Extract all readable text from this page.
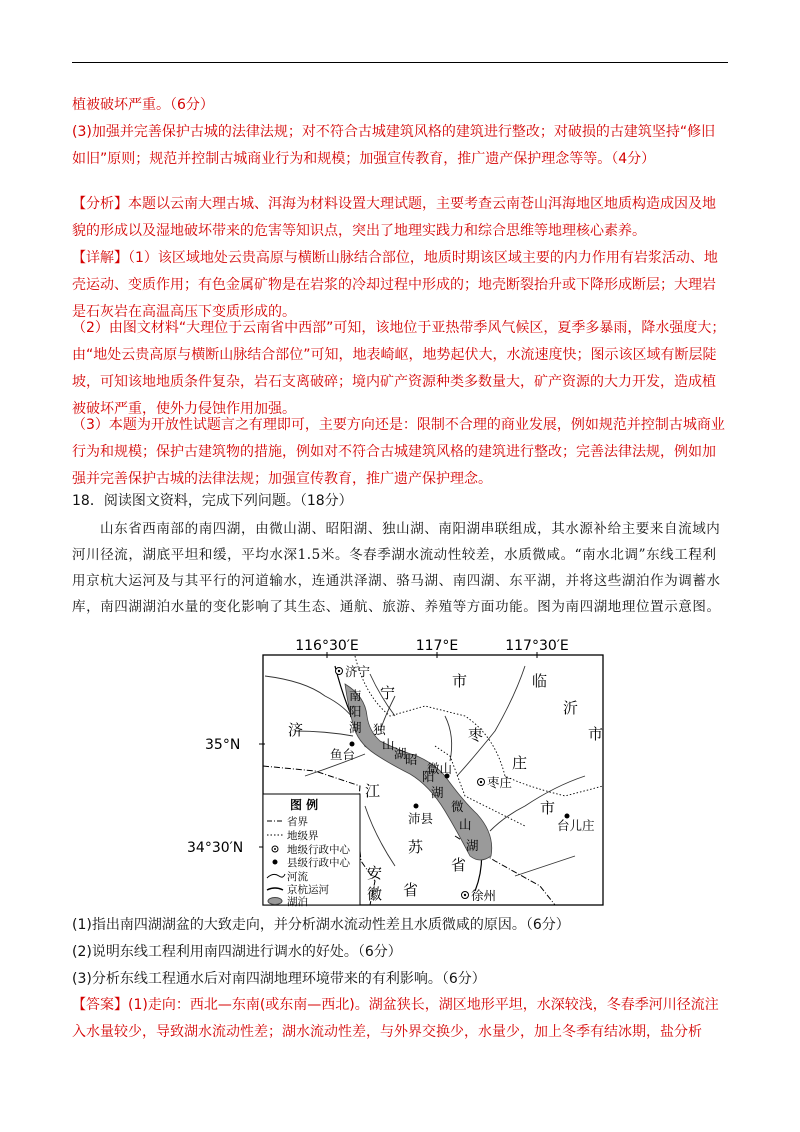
植被破坏严重。（6分）

(3)加强并完善保护古城的法律法规；对不符合古城建筑风格的建筑进行整改；对破损的古建筑坚持“修旧如旧”原则；规范并控制古城商业行为和规模；加强宣传教育，推广遗产保护理念等等。（4分）

【分析】本题以云南大理古城、洱海为材料设置大理试题，主要考查云南苍山洱海地区地质构造成因及地貌的形成以及湿地破坏带来的危害等知识点，突出了地理实践力和综合思维等地理核心素养。

【详解】（1）该区域地处云贵高原与横断山脉结合部位，地质时期该区域主要的内力作用有岩浆活动、地壳运动、变质作用；有色金属矿物是在岩浆的冷却过程中形成的；地壳断裂抬升或下降形成断层；大理岩是石灰岩在高温高压下变质形成的。

（2）由图文材料“大理位于云南省中西部”可知，该地位于亚热带季风气候区，夏季多暴雨，降水强度大；由“地处云贵高原与横断山脉结合部位”可知，地表崎岖，地势起伏大，水流速度快；图示该区域有断层陡坡，可知该地地质条件复杂，岩石支离破碎；境内矿产资源种类多数量大，矿产资源的大力开发，造成植被破坏严重，使外力侵蚀作用加强。

（3）本题为开放性试题言之有理即可，主要方向还是：限制不合理的商业发展，例如规范并控制古城商业行为和规模；保护古建筑物的措施，例如对不符合古城建筑风格的建筑进行整改；完善法律法规，例如加强并完善保护古城的法律法规；加强宣传教育，推广遗产保护理念。

18．阅读图文资料，完成下列问题。（18分）

山东省西南部的南四湖，由微山湖、昭阳湖、独山湖、南阳湖串联组成，其水源补给主要来自流域内河川径流，湖底平坦和缓，平均水深1.5米。冬春季湖水流动性较差，水质微咸。“南水北调”东线工程利用京杭大运河及与其平行的河道输水，连通洪泽湖、骆马湖、南四湖、东平湖，并将这些湖泊作为调蓄水库，南四湖湖泊水量的变化影响了其生态、通航、旅游、养殖等方面功能。图为南四湖地理位置示意图。

116°30′E	117°E	117°30′E
35°N
34°30′N
南
阳
湖 独
山
湖
昭
阳
湖
微
山
湖
济宁
鱼台
微山
枣庄
沛县	台儿庄
徐州
宁
市	临
沂
市
济	枣
庄
市
江
苏
安
徽 省
省
图 例
省界
地级界
地级行政中心
县级行政中心
河流
京杭运河
湖泊

(1)指出南四湖湖盆的大致走向，并分析湖水流动性差且水质微咸的原因。（6分）

(2)说明东线工程利用南四湖进行调水的好处。（6分）

(3)分析东线工程通水后对南四湖地理环境带来的有利影响。（6分）

【答案】(1)走向：西北—东南(或东南—西北)。湖盆狭长，湖区地形平坦，水深较浅，冬春季河川径流注入水量较少，导致湖水流动性差；湖水流动性差，与外界交换少，水量少，加上冬季有结冰期，盐分析
